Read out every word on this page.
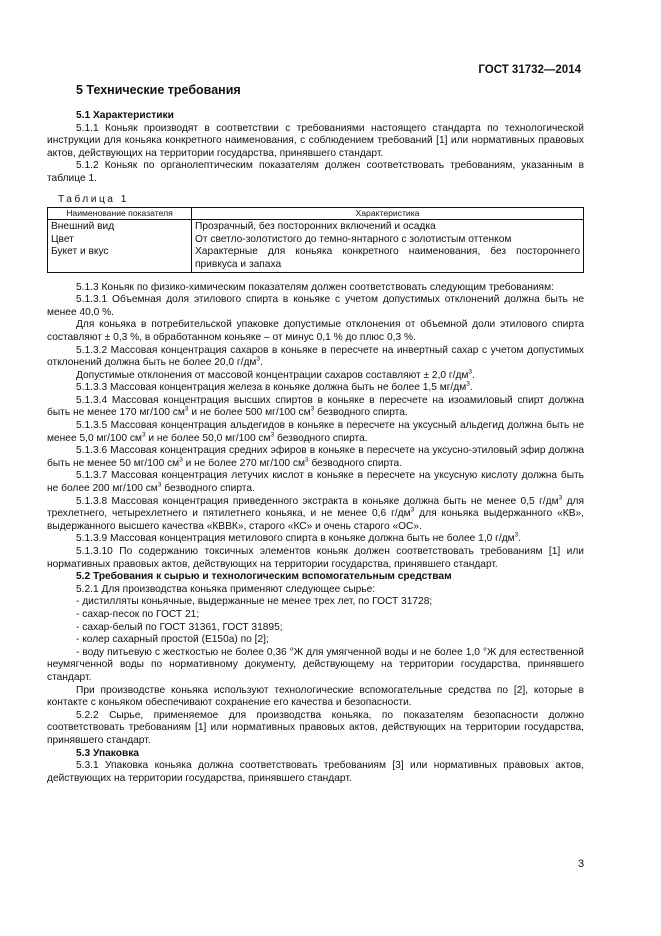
ГОСТ 31732—2014
5 Технические требования

5.1 Характеристики

5.1.1 Коньяк производят в соответствии с требованиями настоящего стандарта по технологической инструкции для коньяка конкретного наименования, с соблюдением требований [1] или нормативных правовых актов, действующих на территории государства, принявшего стандарт.

5.1.2 Коньяк по органолептическим показателям должен соответствовать требованиям, указанным в таблице 1.

Таблица 1

Наименование показателя	Характеристика
Внешний вид	Прозрачный, без посторонних включений и осадка
Цвет	От светло-золотистого до темно-янтарного с золотистым оттенком
Букет и вкус	Характерные для коньяка конкретного наименования, без постороннего привкуса и запаха

5.1.3 Коньяк по физико-химическим показателям должен соответствовать следующим требованиям:

5.1.3.1 Объемная доля этилового спирта в коньяке с учетом допустимых отклонений должна быть не менее 40,0 %.

Для коньяка в потребительской упаковке допустимые отклонения от объемной доли этилового спирта составляют ± 0,3 %, в обработанном коньяке – от минус 0,1 % до плюс 0,3 %.

5.1.3.2 Массовая концентрация сахаров в коньяке в пересчете на инвертный сахар с учетом допустимых отклонений должна быть не более 20,0 $г/дм^3$.

Допустимые отклонения от массовой концентрации сахаров составляют ± 2,0 $г/дм^3$.

5.1.3.3 Массовая концентрация железа в коньяке должна быть не более 1,5 $мг/дм^3$.

5.1.3.4 Массовая концентрация высших спиртов в коньяке в пересчете на изоамиловый спирт должна быть не менее 170 мг/100 $см^3$ и не более 500 мг/100 $см^3$ безводного спирта.

5.1.3.5 Массовая концентрация альдегидов в коньяке в пересчете на уксусный альдегид должна быть не менее 5,0 мг/100 $см^3$ и не более 50,0 мг/100 $см^3$ безводного спирта.

5.1.3.6 Массовая концентрация средних эфиров в коньяке в пересчете на уксусно-этиловый эфир должна быть не менее 50 мг/100 $см^3$ и не более 270 мг/100 $см^3$ безводного спирта.

5.1.3.7 Массовая концентрация летучих кислот в коньяке в пересчете на уксусную кислоту должна быть не более 200 мг/100 $см^3$ безводного спирта.

5.1.3.8 Массовая концентрация приведенного экстракта в коньяке должна быть не менее 0,5 $г/дм^3$ для трехлетнего, четырехлетнего и пятилетнего коньяка, и не менее 0,6 $г/дм^3$ для коньяка выдержанного «КВ», выдержанного высшего качества «КВВК», старого «КС» и очень старого «ОС».

5.1.3.9 Массовая концентрация метилового спирта в коньяке должна быть не более 1,0 $г/дм^3$.

5.1.3.10 По содержанию токсичных элементов коньяк должен соответствовать требованиям [1] или нормативных правовых актов, действующих на территории государства, принявшего стандарт.

5.2 Требования к сырью и технологическим вспомогательным средствам

5.2.1 Для производства коньяка применяют следующее сырье:

- дистилляты коньячные, выдержанные не менее трех лет, по ГОСТ 31728;

- сахар-песок по ГОСТ 21;

- сахар-белый по ГОСТ 31361, ГОСТ 31895;

- колер сахарный простой (Е150а) по [2];

- воду питьевую с жесткостью не более 0,36 °Ж для умягченной воды и не более 1,0 °Ж для естественной неумягченной воды по нормативному документу, действующему на территории государства, принявшего стандарт.

При производстве коньяка используют технологические вспомогательные средства по [2], которые в контакте с коньяком обеспечивают сохранение его качества и безопасности.

5.2.2 Сырье, применяемое для производства коньяка, по показателям безопасности должно соответствовать требованиям [1] или нормативных правовых актов, действующих на территории государства, принявшего стандарт.

5.3 Упаковка

5.3.1 Упаковка коньяка должна соответствовать требованиям [3] или нормативных правовых актов, действующих на территории государства, принявшего стандарт.

3
